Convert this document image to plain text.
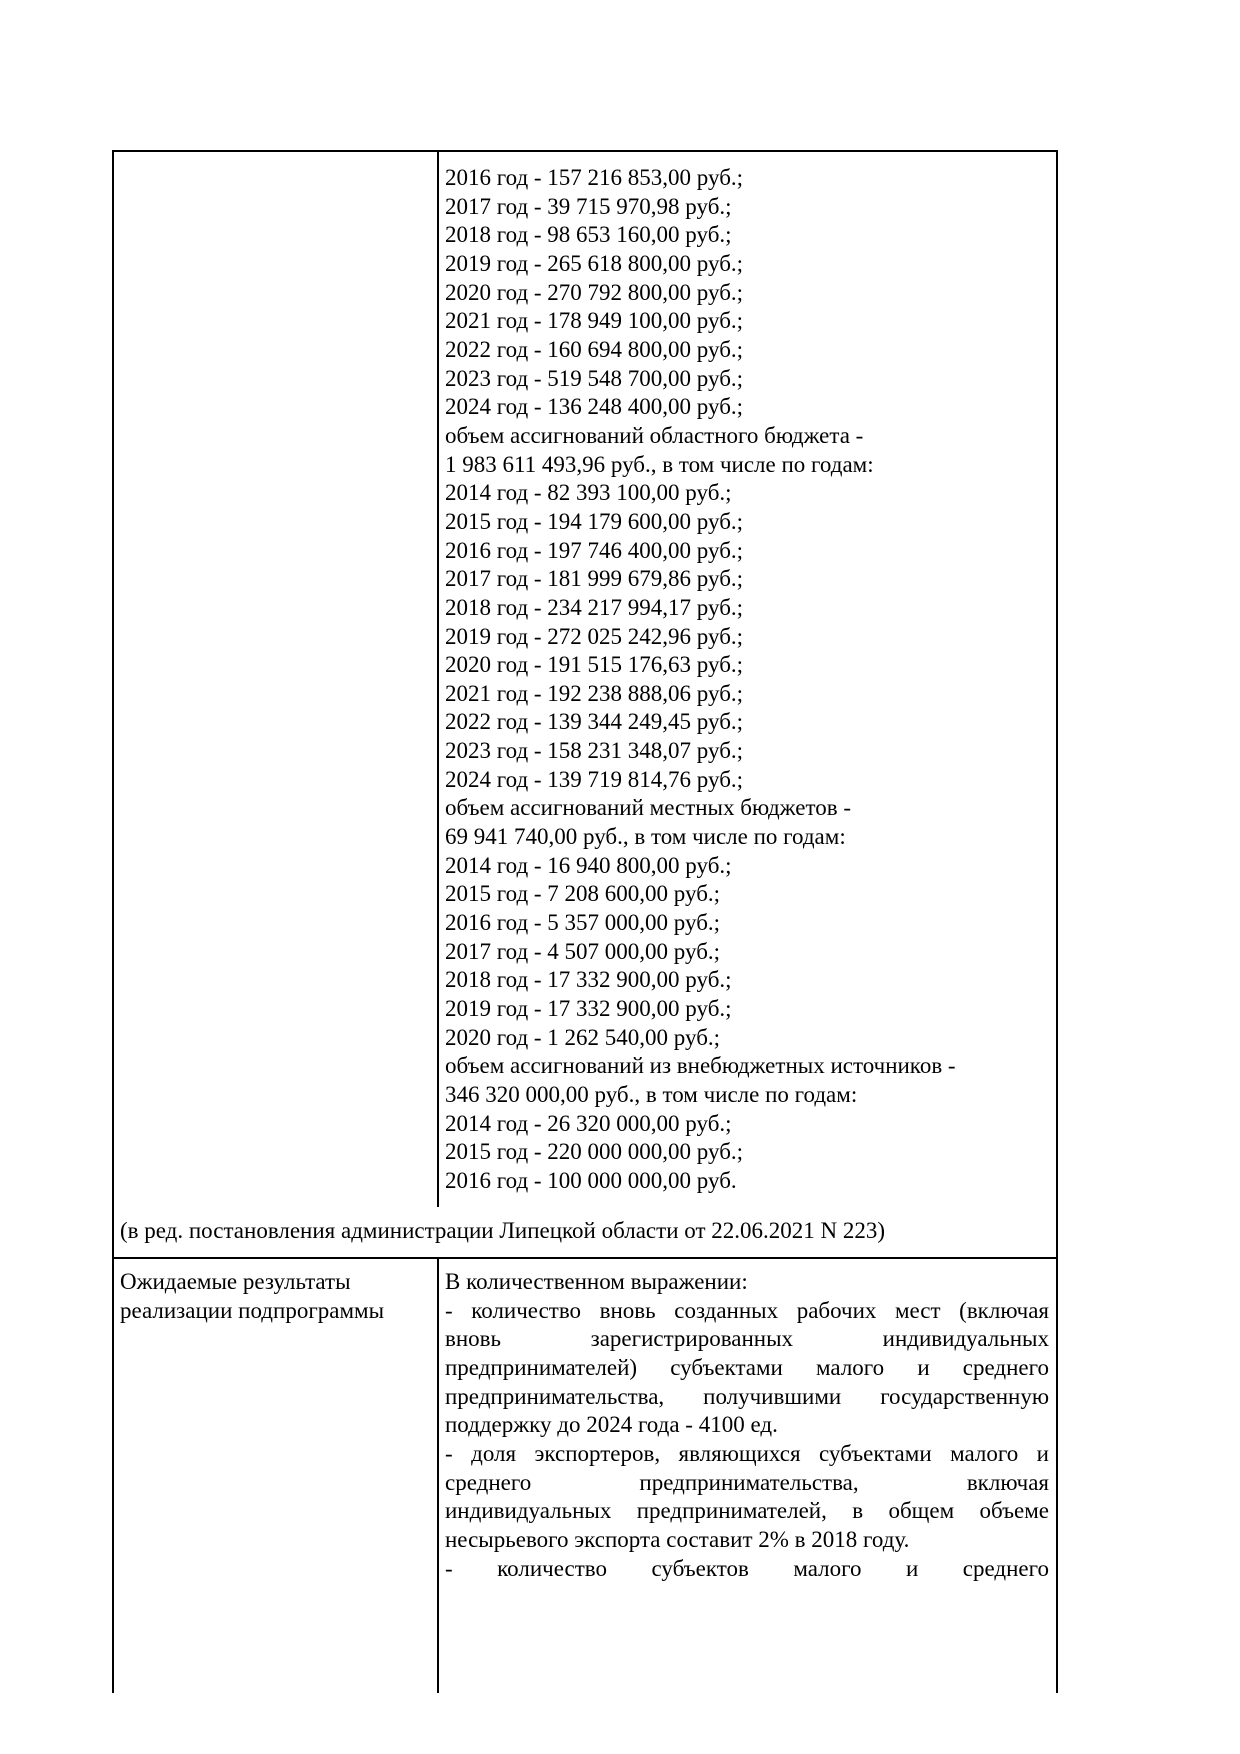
2016 год - 157 216 853,00 руб.;
2017 год - 39 715 970,98 руб.;
2018 год - 98 653 160,00 руб.;
2019 год - 265 618 800,00 руб.;
2020 год - 270 792 800,00 руб.;
2021 год - 178 949 100,00 руб.;
2022 год - 160 694 800,00 руб.;
2023 год - 519 548 700,00 руб.;
2024 год - 136 248 400,00 руб.;
объем ассигнований областного бюджета -
1 983 611 493,96 руб., в том числе по годам:
2014 год - 82 393 100,00 руб.;
2015 год - 194 179 600,00 руб.;
2016 год - 197 746 400,00 руб.;
2017 год - 181 999 679,86 руб.;
2018 год - 234 217 994,17 руб.;
2019 год - 272 025 242,96 руб.;
2020 год - 191 515 176,63 руб.;
2021 год - 192 238 888,06 руб.;
2022 год - 139 344 249,45 руб.;
2023 год - 158 231 348,07 руб.;
2024 год - 139 719 814,76 руб.;
объем ассигнований местных бюджетов -
69 941 740,00 руб., в том числе по годам:
2014 год - 16 940 800,00 руб.;
2015 год - 7 208 600,00 руб.;
2016 год - 5 357 000,00 руб.;
2017 год - 4 507 000,00 руб.;
2018 год - 17 332 900,00 руб.;
2019 год - 17 332 900,00 руб.;
2020 год - 1 262 540,00 руб.;
объем ассигнований из внебюджетных источников -
346 320 000,00 руб., в том числе по годам:
2014 год - 26 320 000,00 руб.;
2015 год - 220 000 000,00 руб.;
2016 год - 100 000 000,00 руб.
(в ред. постановления администрации Липецкой области от 22.06.2021 N 223)
Ожидаемые результаты
реализации подпрограммы
В количественном выражении:
- количество вновь созданных рабочих мест (включая
вновь зарегистрированных индивидуальных
предпринимателей) субъектами малого и среднего
предпринимательства, получившими государственную
поддержку до 2024 года - 4100 ед.
- доля экспортеров, являющихся субъектами малого и
среднего предпринимательства, включая
индивидуальных предпринимателей, в общем объеме
несырьевого экспорта составит 2% в 2018 году.
- количество субъектов малого и среднего
